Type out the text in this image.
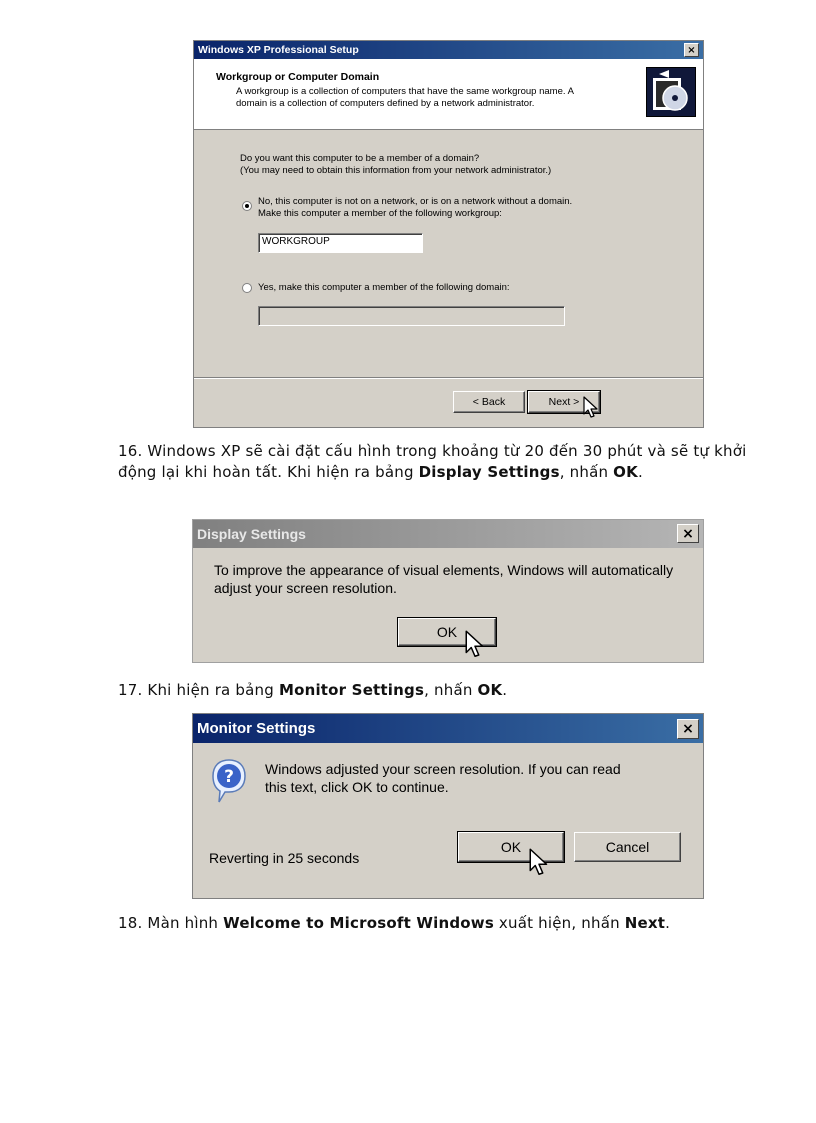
Windows XP Professional Setup	×
Workgroup or Computer Domain
A workgroup is a collection of computers that have the same workgroup name. A
domain is a collection of computers defined by a network administrator.
Do you want this computer to be a member of a domain?
(You may need to obtain this information from your network administrator.)
No, this computer is not on a network, or is on a network without a domain.
Make this computer a member of the following workgroup:
WORKGROUP
Yes, make this computer a member of the following domain:
< Back	Next >
16. Windows XP sẽ cài đặt cấu hình trong khoảng từ 20 đến 30 phút và sẽ tự khởi động lại khi hoàn tất. Khi hiện ra bảng Display Settings, nhấn OK.
Display Settings	×
To improve the appearance of visual elements, Windows will automatically
adjust your screen resolution.
OK
17. Khi hiện ra bảng Monitor Settings, nhấn OK.
Monitor Settings	×
? Windows adjusted your screen resolution. If you can read
this text, click OK to continue.
Reverting in 25 seconds
OK	Cancel
18. Màn hình Welcome to Microsoft Windows xuất hiện, nhấn Next.
